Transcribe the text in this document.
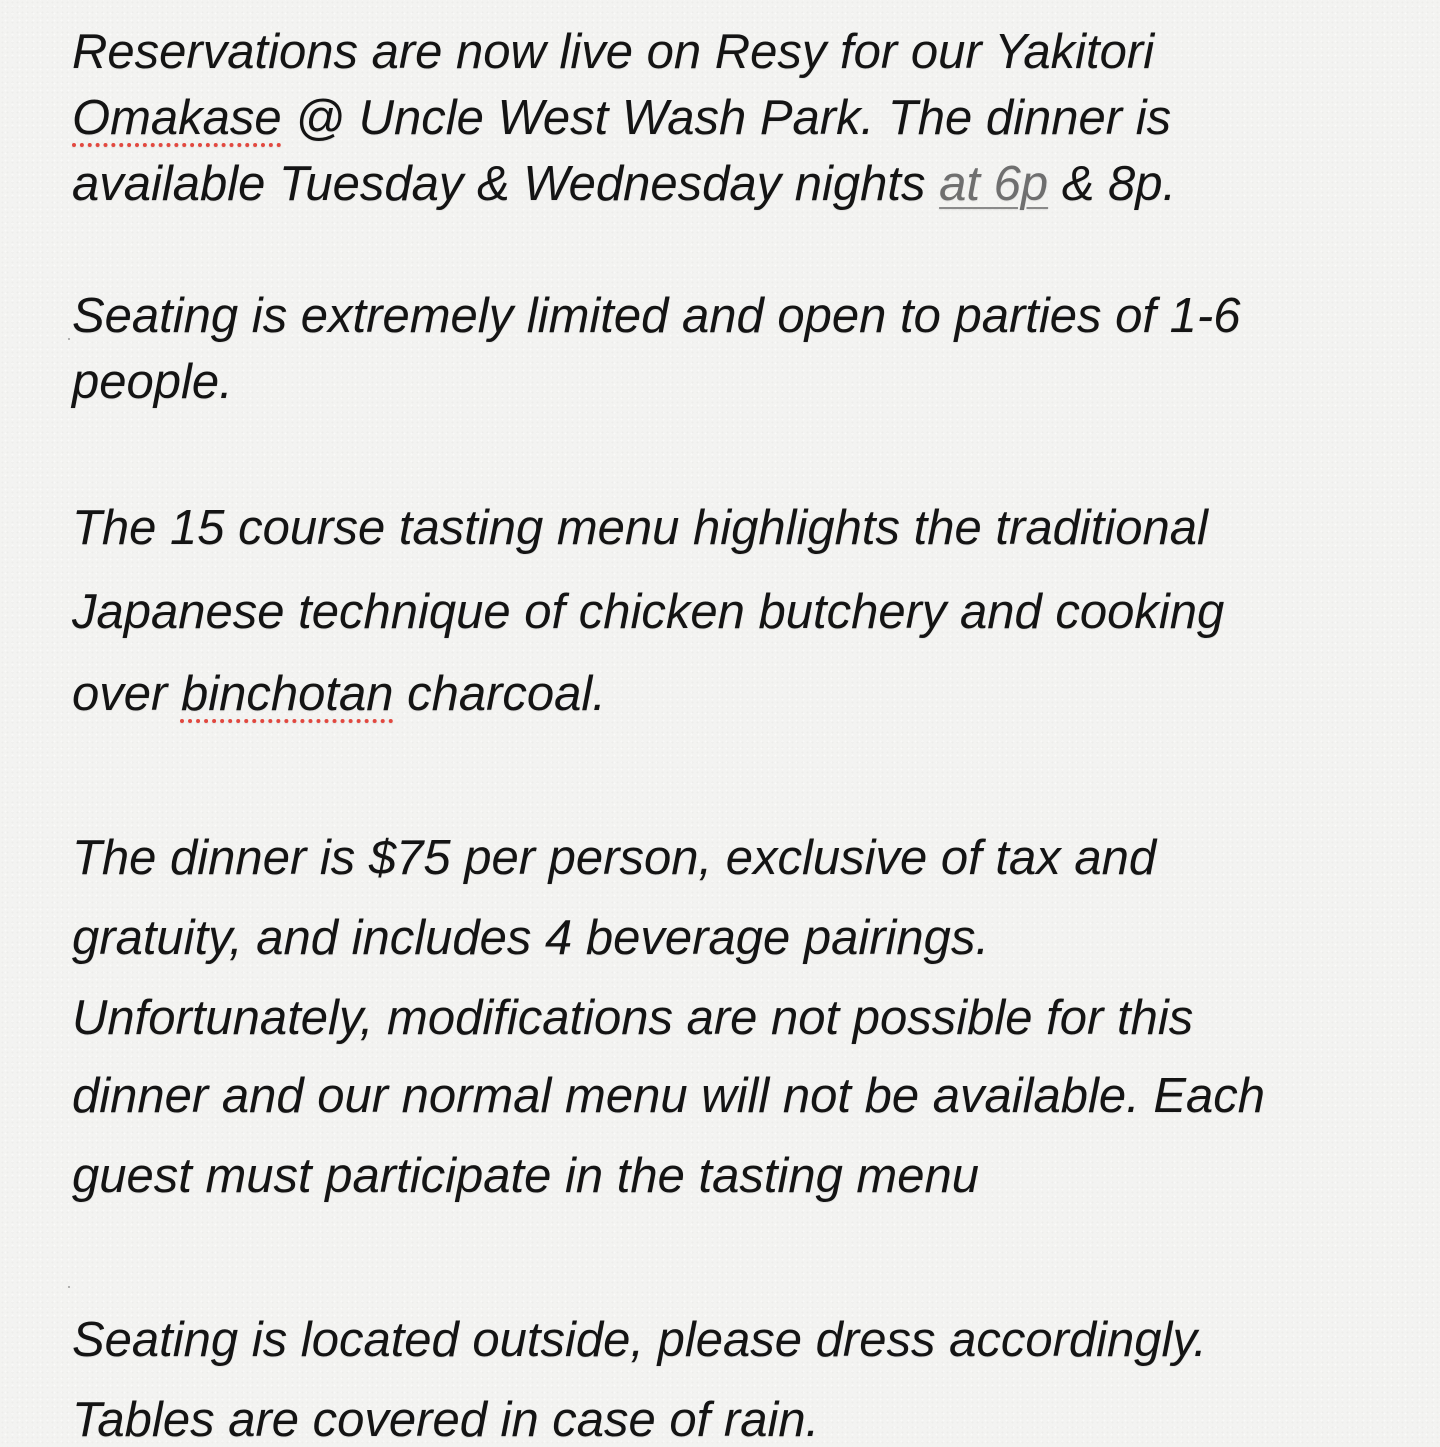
Reservations are now live on Resy for our Yakitori
Omakase @ Uncle West Wash Park. The dinner is
available Tuesday & Wednesday nights at 6p & 8p.
Seating is extremely limited and open to parties of 1-6
people.
The 15 course tasting menu highlights the traditional
Japanese technique of chicken butchery and cooking
over binchotan charcoal.
The dinner is $75 per person, exclusive of tax and
gratuity, and includes 4 beverage pairings.
Unfortunately, modifications are not possible for this
dinner and our normal menu will not be available. Each
guest must participate in the tasting menu
Seating is located outside, please dress accordingly.
Tables are covered in case of rain.
